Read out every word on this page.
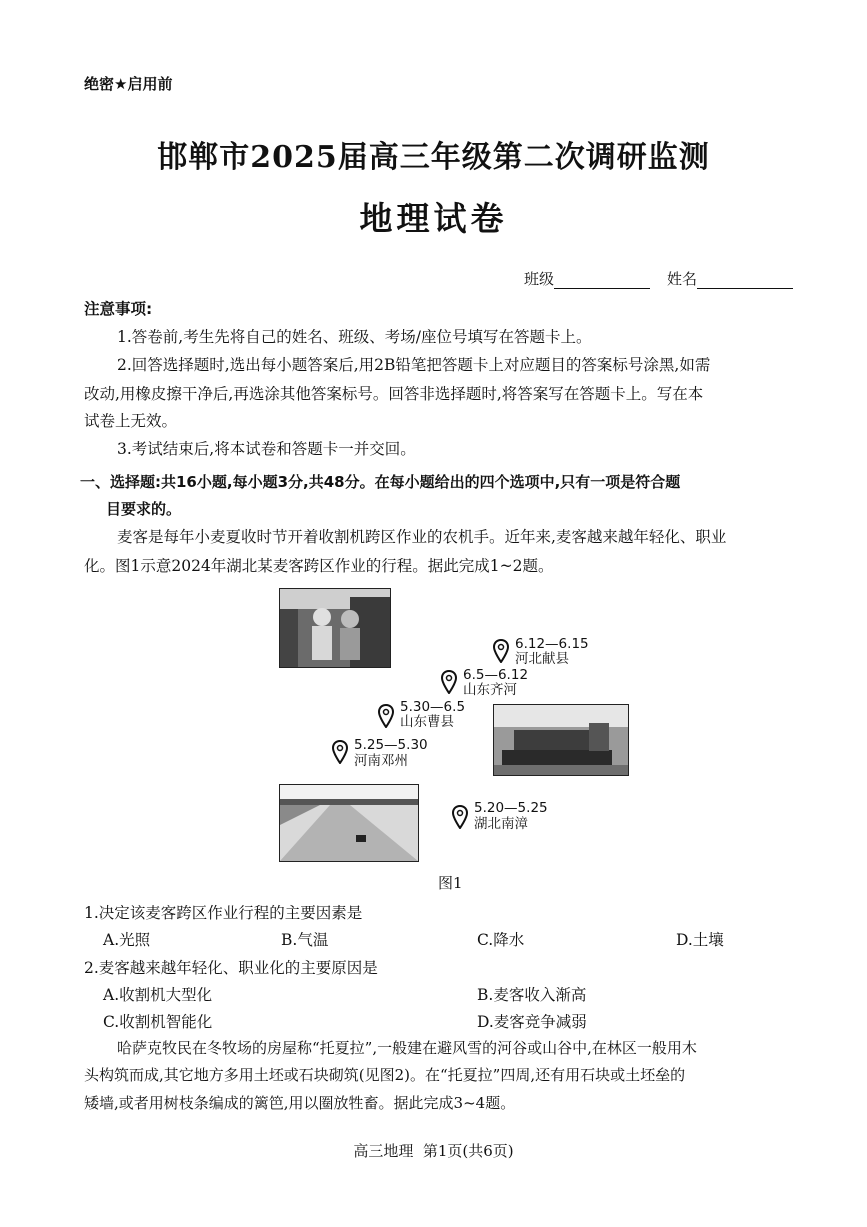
绝密★启用前
邯郸市2025届高三年级第二次调研监测
地理试卷
班级	姓名
注意事项:
1.答卷前,考生先将自己的姓名、班级、考场/座位号填写在答题卡上。
2.回答选择题时,选出每小题答案后,用2B铅笔把答题卡上对应题目的答案标号涂黑,如需
改动,用橡皮擦干净后,再选涂其他答案标号。回答非选择题时,将答案写在答题卡上。写在本
试卷上无效。
3.考试结束后,将本试卷和答题卡一并交回。
一、选择题:共16小题,每小题3分,共48分。在每小题给出的四个选项中,只有一项是符合题
目要求的。
麦客是每年小麦夏收时节开着收割机跨区作业的农机手。近年来,麦客越来越年轻化、职业
化。图1示意2024年湖北某麦客跨区作业的行程。据此完成1~2题。
6.12—6.15
河北献县
6.5—6.12
山东齐河
5.30—6.5
山东曹县
5.25—5.30
河南邓州
5.20—5.25
湖北南漳
图1
1.决定该麦客跨区作业行程的主要因素是
A.光照	B.气温	C.降水	D.土壤
2.麦客越来越年轻化、职业化的主要原因是
A.收割机大型化	B.麦客收入渐高
C.收割机智能化	D.麦客竞争减弱
哈萨克牧民在冬牧场的房屋称“托夏拉”,一般建在避风雪的河谷或山谷中,在林区一般用木
头构筑而成,其它地方多用土坯或石块砌筑(见图2)。在“托夏拉”四周,还有用石块或土坯垒的
矮墙,或者用树枝条编成的篱笆,用以圈放牲畜。据此完成3~4题。
高三地理  第1页(共6页)
